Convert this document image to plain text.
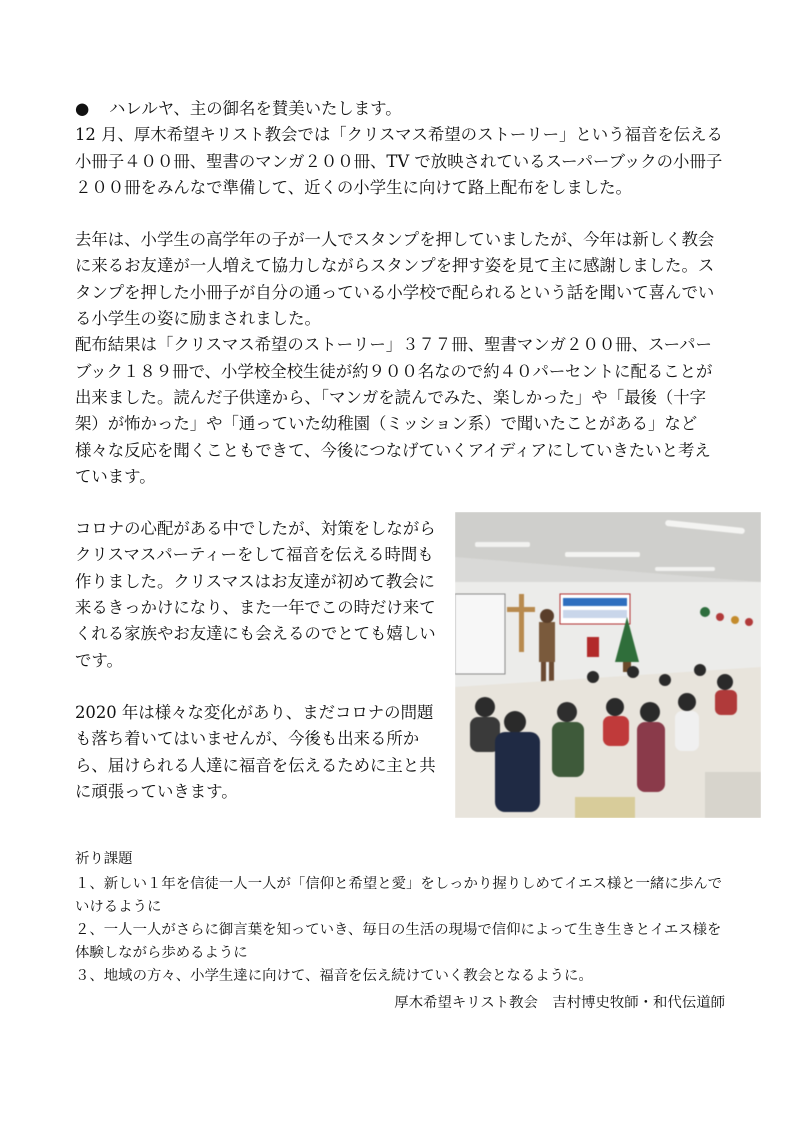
●	ハレルヤ、主の御名を賛美いたします。

12 月、厚木希望キリスト教会では「クリスマス希望のストーリー」という福音を伝える小冊子４００冊、聖書のマンガ２００冊、TV で放映されているスーパーブックの小冊子２００冊をみんなで準備して、近くの小学生に向けて路上配布をしました。

去年は、小学生の高学年の子が一人でスタンプを押していましたが、今年は新しく教会に来るお友達が一人増えて協力しながらスタンプを押す姿を見て主に感謝しました。スタンプを押した小冊子が自分の通っている小学校で配られるという話を聞いて喜んでいる小学生の姿に励まされました。

配布結果は「クリスマス希望のストーリー」３７７冊、聖書マンガ２００冊、スーパーブック１８９冊で、小学校全校生徒が約９００名なので約４０パーセントに配ることが出来ました。読んだ子供達から、「マンガを読んでみた、楽しかった」や「最後（十字架）が怖かった」や「通っていた幼稚園（ミッション系）で聞いたことがある」など様々な反応を聞くこともできて、今後につなげていくアイディアにしていきたいと考えています。

コロナの心配がある中でしたが、対策をしながらクリスマスパーティーをして福音を伝える時間も作りました。クリスマスはお友達が初めて教会に来るきっかけになり、また一年でこの時だけ来てくれる家族やお友達にも会えるのでとても嬉しいです。

2020 年は様々な変化があり、まだコロナの問題も落ち着いてはいませんが、今後も出来る所から、届けられる人達に福音を伝えるために主と共に頑張っていきます。

祈り課題

１、新しい１年を信徒一人一人が「信仰と希望と愛」をしっかり握りしめてイエス様と一緒に歩んでいけるように

２、一人一人がさらに御言葉を知っていき、毎日の生活の現場で信仰によって生き生きとイエス様を体験しながら歩めるように

３、地域の方々、小学生達に向けて、福音を伝え続けていく教会となるように。

厚木希望キリスト教会　吉村博史牧師・和代伝道師
